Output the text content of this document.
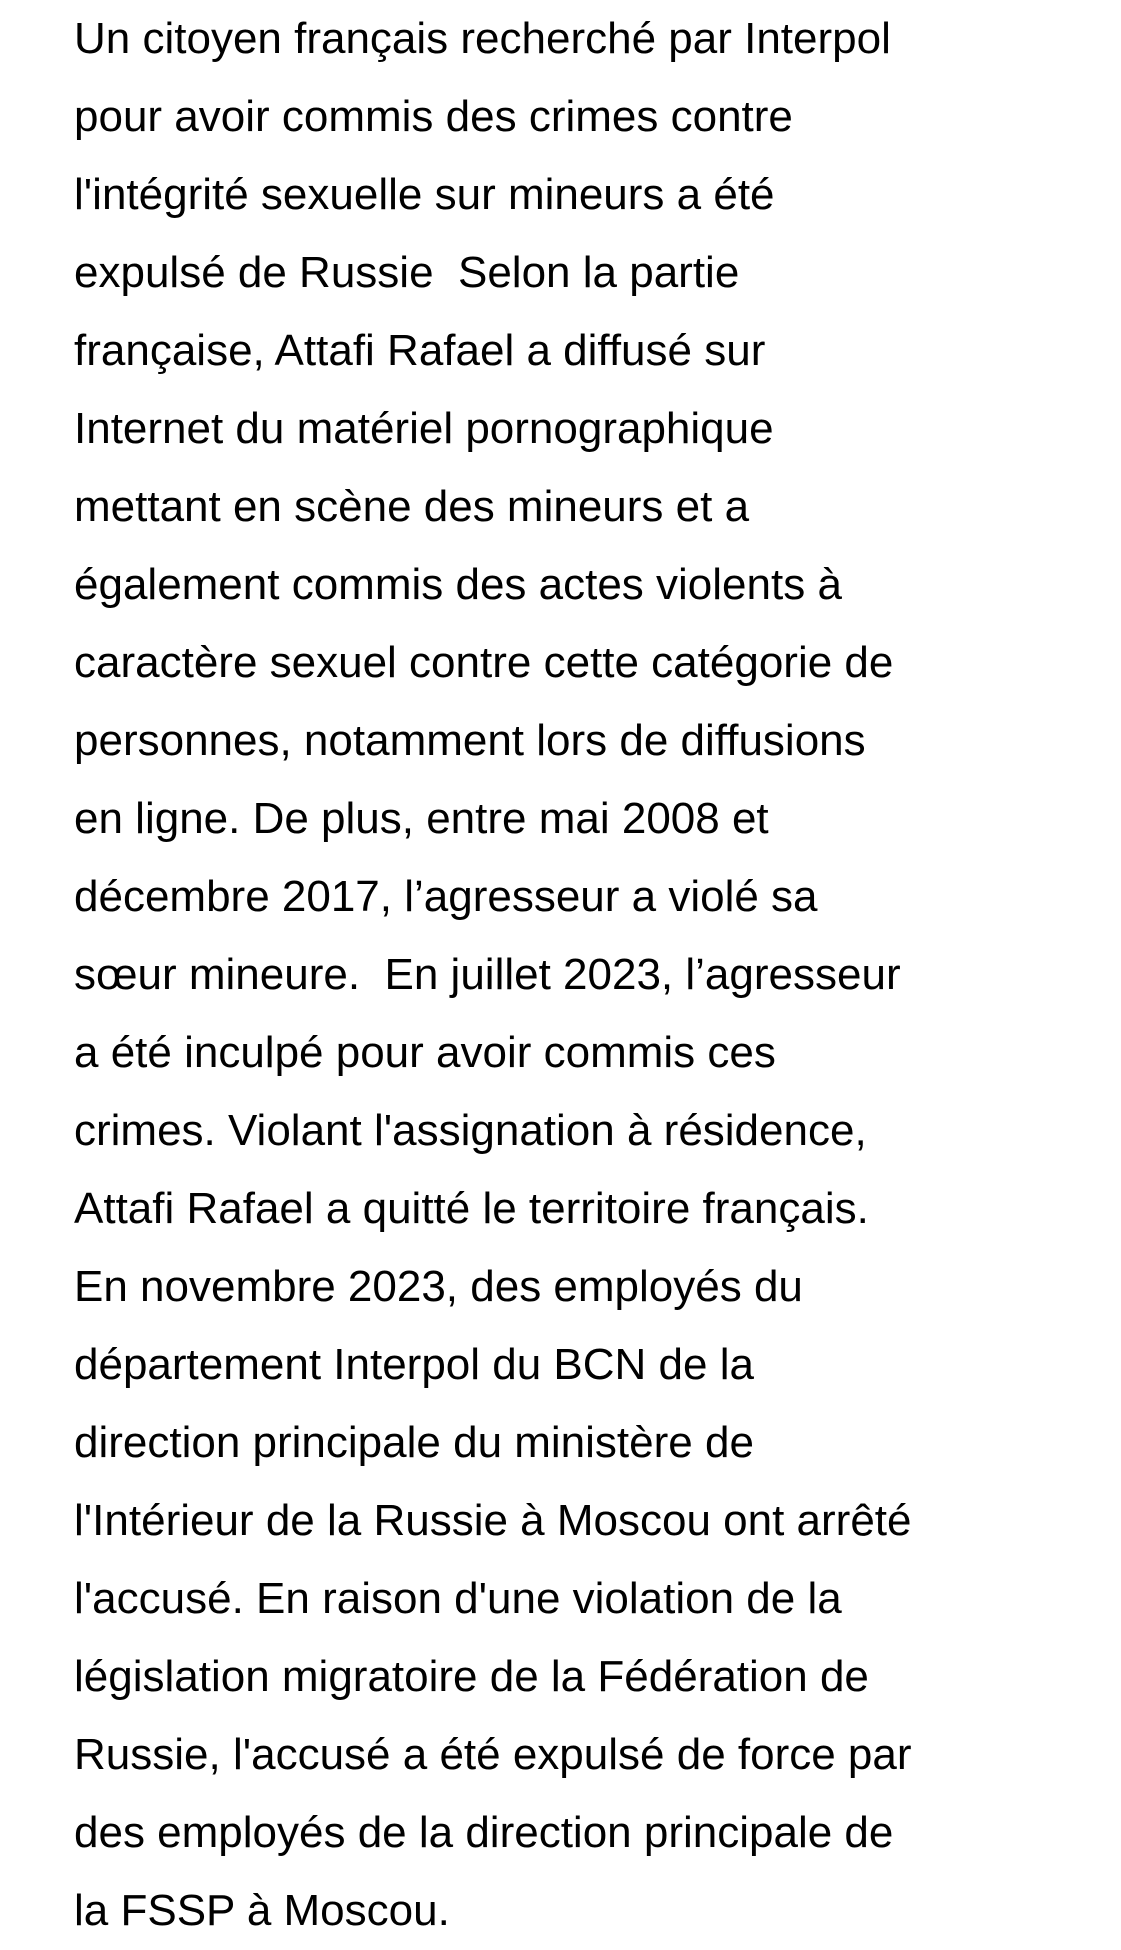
Un citoyen français recherché par Interpol
pour avoir commis des crimes contre
l'intégrité sexuelle sur mineurs a été
expulsé de Russie  Selon la partie
française, Attafi Rafael a diffusé sur
Internet du matériel pornographique
mettant en scène des mineurs et a
également commis des actes violents à
caractère sexuel contre cette catégorie de
personnes, notamment lors de diffusions
en ligne. De plus, entre mai 2008 et
décembre 2017, l’agresseur a violé sa
sœur mineure.  En juillet 2023, l’agresseur
a été inculpé pour avoir commis ces
crimes. Violant l'assignation à résidence,
Attafi Rafael a quitté le territoire français.
En novembre 2023, des employés du
département Interpol du BCN de la
direction principale du ministère de
l'Intérieur de la Russie à Moscou ont arrêté
l'accusé. En raison d'une violation de la
législation migratoire de la Fédération de
Russie, l'accusé a été expulsé de force par
des employés de la direction principale de
la FSSP à Moscou.
